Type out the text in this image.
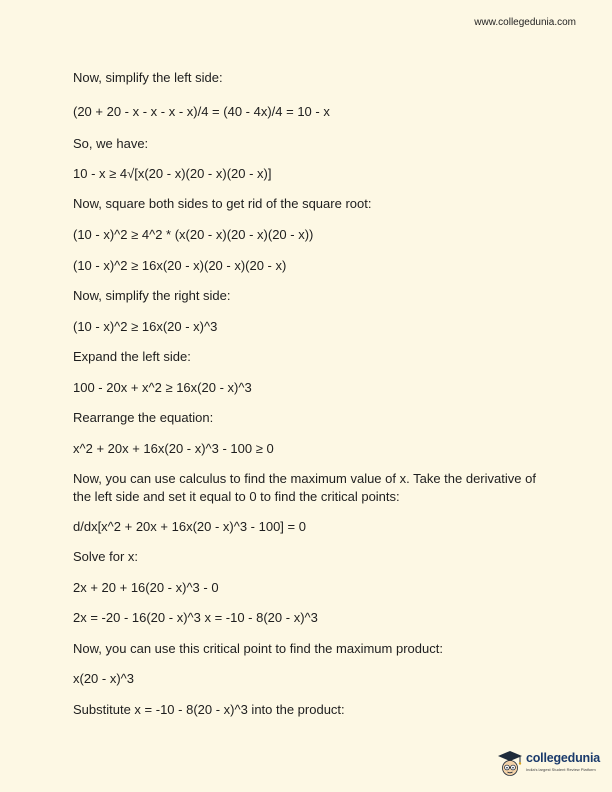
www.collegedunia.com
Now, simplify the left side:
(20 + 20 - x - x - x - x)/4 = (40 - 4x)/4 = 10 - x
So, we have:
10 - x ≥ 4√[x(20 - x)(20 - x)(20 - x)]
Now, square both sides to get rid of the square root:
(10 - x)^2 ≥ 4^2 * (x(20 - x)(20 - x)(20 - x))
(10 - x)^2 ≥ 16x(20 - x)(20 - x)(20 - x)
Now, simplify the right side:
(10 - x)^2 ≥ 16x(20 - x)^3
Expand the left side:
100 - 20x + x^2 ≥ 16x(20 - x)^3
Rearrange the equation:
x^2 + 20x + 16x(20 - x)^3 - 100 ≥ 0
Now, you can use calculus to find the maximum value of x. Take the derivative of the left side and set it equal to 0 to find the critical points:
d/dx[x^2 + 20x + 16x(20 - x)^3 - 100] = 0
Solve for x:
2x + 20 + 16(20 - x)^3 - 0
2x = -20 - 16(20 - x)^3 x = -10 - 8(20 - x)^3
Now, you can use this critical point to find the maximum product:
x(20 - x)^3
Substitute x = -10 - 8(20 - x)^3 into the product:
collegedunia
India's largest Student Review Platform
